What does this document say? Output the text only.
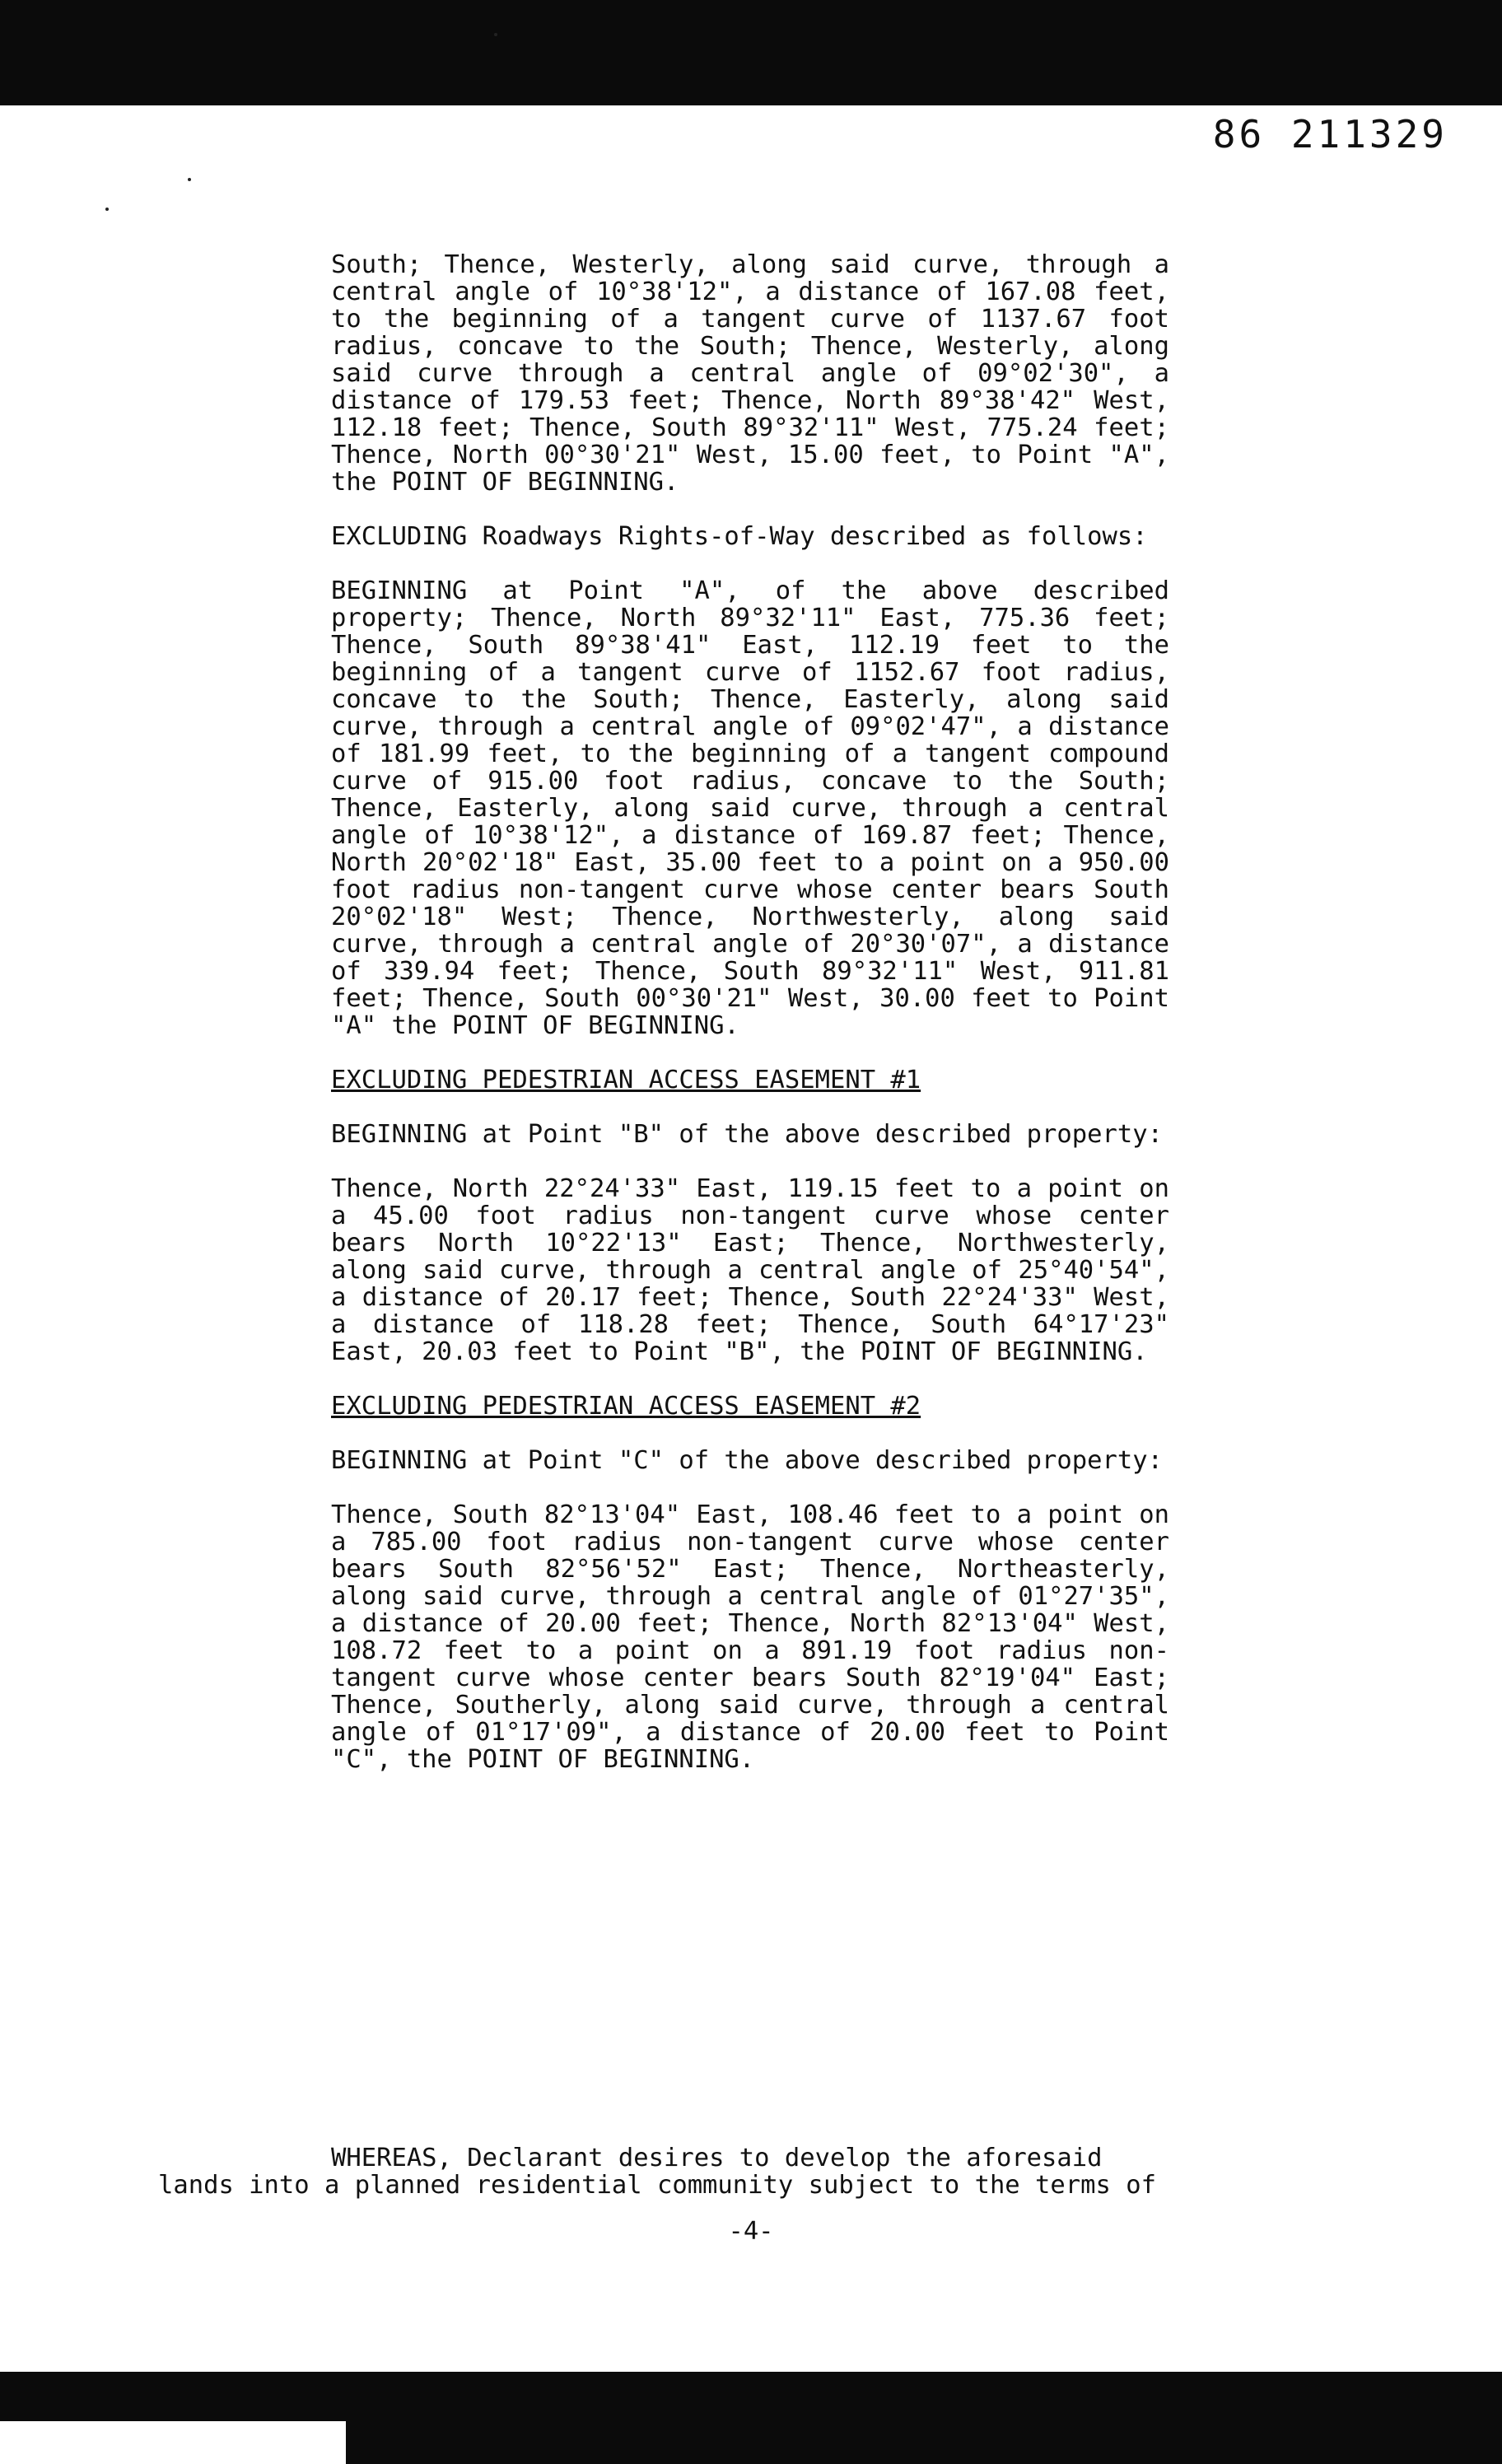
86 211329

South; Thence, Westerly, along said curve, through a central angle of 10°38'12", a distance of 167.08 feet, to the beginning of a tangent curve of 1137.67 foot radius, concave to the South; Thence, Westerly, along said curve through a central angle of 09°02'30", a distance of 179.53 feet; Thence, North 89°38'42" West, 112.18 feet; Thence, South 89°32'11" West, 775.24 feet; Thence, North 00°30'21" West, 15.00 feet, to Point "A", the POINT OF BEGINNING.

EXCLUDING Roadways Rights-of-Way described as follows:

BEGINNING at Point "A", of the above described property; Thence, North 89°32'11" East, 775.36 feet; Thence, South 89°38'41" East, 112.19 feet to the beginning of a tangent curve of 1152.67 foot radius, concave to the South; Thence, Easterly, along said curve, through a central angle of 09°02'47", a distance of 181.99 feet, to the beginning of a tangent compound curve of 915.00 foot radius, concave to the South; Thence, Easterly, along said curve, through a central angle of 10°38'12", a distance of 169.87 feet; Thence, North 20°02'18" East, 35.00 feet to a point on a 950.00 foot radius non-tangent curve whose center bears South 20°02'18" West; Thence, Northwesterly, along said curve, through a central angle of 20°30'07", a distance of 339.94 feet; Thence, South 89°32'11" West, 911.81 feet; Thence, South 00°30'21" West, 30.00 feet to Point "A" the POINT OF BEGINNING.

EXCLUDING PEDESTRIAN ACCESS EASEMENT #1

BEGINNING at Point "B" of the above described property:

Thence, North 22°24'33" East, 119.15 feet to a point on a 45.00 foot radius non-tangent curve whose center bears North 10°22'13" East; Thence, Northwesterly, along said curve, through a central angle of 25°40'54", a distance of 20.17 feet; Thence, South 22°24'33" West, a distance of 118.28 feet; Thence, South 64°17'23" East, 20.03 feet to Point "B", the POINT OF BEGINNING.

EXCLUDING PEDESTRIAN ACCESS EASEMENT #2

BEGINNING at Point "C" of the above described property:

Thence, South 82°13'04" East, 108.46 feet to a point on a 785.00 foot radius non-tangent curve whose center bears South 82°56'52" East; Thence, Northeasterly, along said curve, through a central angle of 01°27'35", a distance of 20.00 feet; Thence, North 82°13'04" West, 108.72 feet to a point on a 891.19 foot radius non-tangent curve whose center bears South 82°19'04" East; Thence, Southerly, along said curve, through a central angle of 01°17'09", a distance of 20.00 feet to Point "C", the POINT OF BEGINNING.

WHEREAS, Declarant desires to develop the aforesaid
lands into a planned residential community subject to the terms of
-4-
